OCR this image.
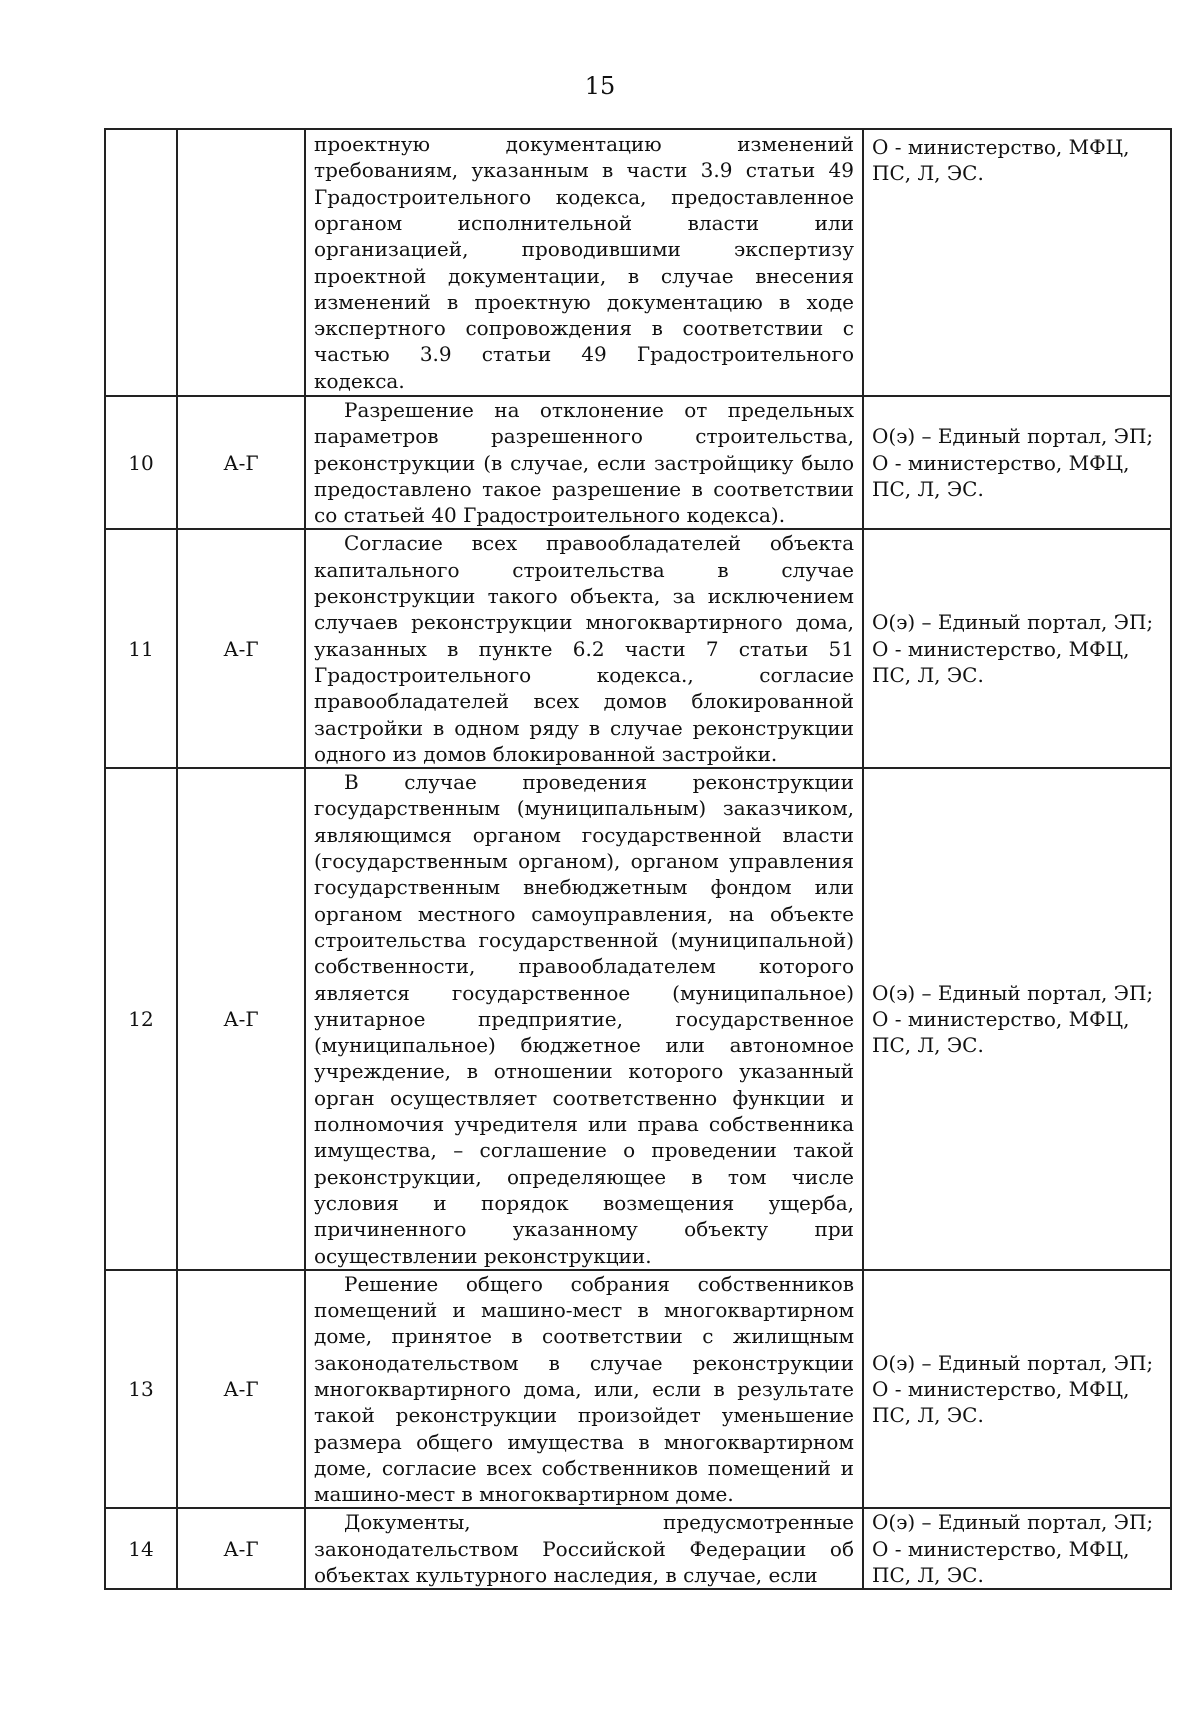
15

		проектную документацию изменений требованиям, указанным в части 3.9 статьи 49 Градостроительного кодекса, предоставленное органом исполнительной власти или организацией, проводившими экспертизу проектной документации, в случае внесения изменений в проектную документацию в ходе экспертного сопровождения в соответствии с частью 3.9 статьи 49 Градостроительного кодекса.	О - министерство, МФЦ, ПС, Л, ЭС.

10	А-Г	Разрешение на отклонение от предельных параметров разрешенного строительства, реконструкции (в случае, если застройщику было предоставлено такое разрешение в соответствии со статьей 40 Градостроительного кодекса).	О(э) – Единый портал, ЭП;
О - министерство, МФЦ, ПС, Л, ЭС.

11	А-Г	Согласие всех правообладателей объекта капитального строительства в случае реконструкции такого объекта, за исключением случаев реконструкции многоквартирного дома, указанных в пункте 6.2 части 7 статьи 51 Градостроительного кодекса., согласие правообладателей всех домов блокированной застройки в одном ряду в случае реконструкции одного из домов блокированной застройки.	О(э) – Единый портал, ЭП;
О - министерство, МФЦ, ПС, Л, ЭС.

12	А-Г	В случае проведения реконструкции государственным (муниципальным) заказчиком, являющимся органом государственной власти (государственным органом), органом управления государственным внебюджетным фондом или органом местного самоуправления, на объекте строительства государственной (муниципальной) собственности, правообладателем которого является государственное (муниципальное) унитарное предприятие, государственное (муниципальное) бюджетное или автономное учреждение, в отношении которого указанный орган осуществляет соответственно функции и полномочия учредителя или права собственника имущества, – соглашение о проведении такой реконструкции, определяющее в том числе условия и порядок возмещения ущерба, причиненного указанному объекту при осуществлении реконструкции.	О(э) – Единый портал, ЭП;
О - министерство, МФЦ, ПС, Л, ЭС.

13	А-Г	Решение общего собрания собственников помещений и машино-мест в многоквартирном доме, принятое в соответствии с жилищным законодательством в случае реконструкции многоквартирного дома, или, если в результате такой реконструкции произойдет уменьшение размера общего имущества в многоквартирном доме, согласие всех собственников помещений и машино-мест в многоквартирном доме.	О(э) – Единый портал, ЭП;
О - министерство, МФЦ, ПС, Л, ЭС.

14	А-Г	Документы, предусмотренные законодательством Российской Федерации об объектах культурного наследия, в случае, если	О(э) – Единый портал, ЭП;
О - министерство, МФЦ, ПС, Л, ЭС.
